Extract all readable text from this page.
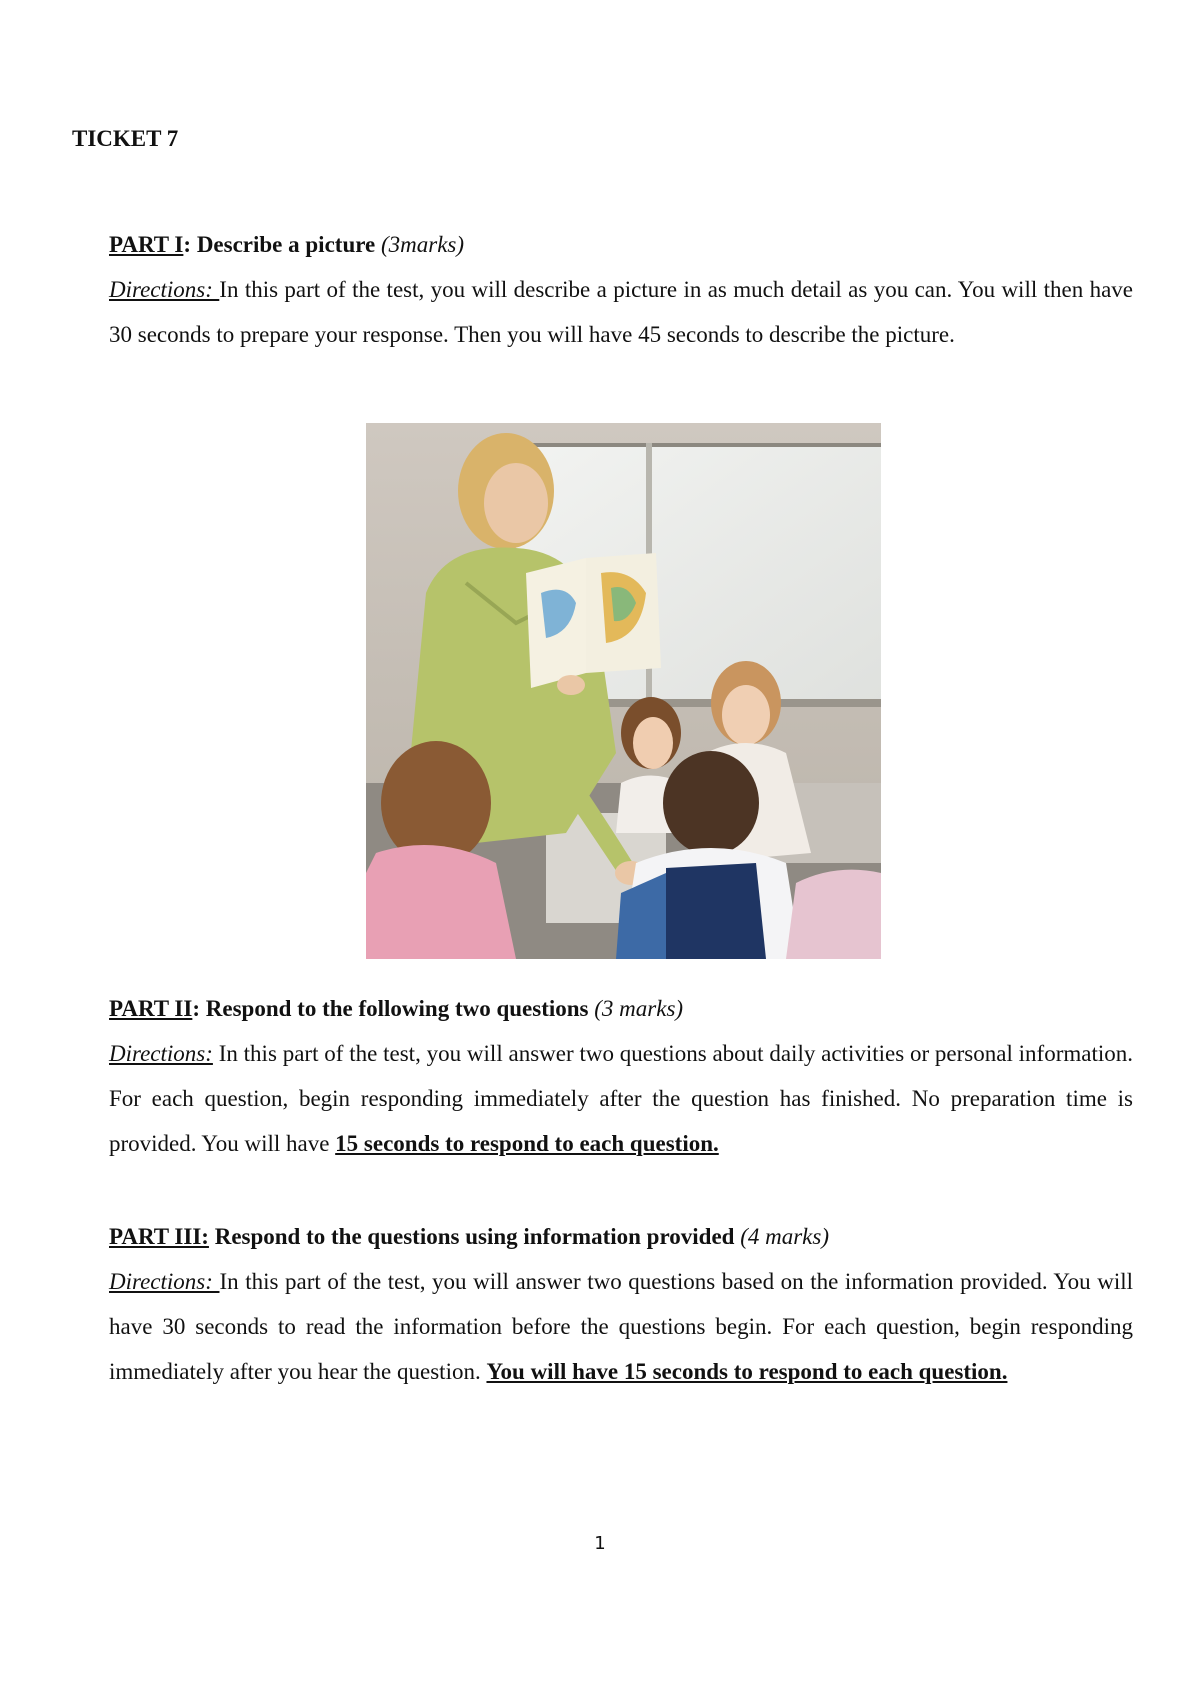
TICKET 7
PART I: Describe a picture (3marks)
Directions: In this part of the test, you will describe a picture in as much detail as you can. You will then have 30 seconds to prepare your response. Then you will have 45 seconds to describe the picture.
PART II: Respond to the following two questions (3 marks)
Directions: In this part of the test, you will answer two questions about daily activities or personal information. For each question, begin responding immediately after the question has finished. No preparation time is provided. You will have 15 seconds to respond to each question.
PART III: Respond to the questions using information provided (4 marks)
Directions: In this part of the test, you will answer two questions based on the information provided. You will have 30 seconds to read the information before the questions begin. For each question, begin responding immediately after you hear the question. You will have 15 seconds to respond to each question.
1
